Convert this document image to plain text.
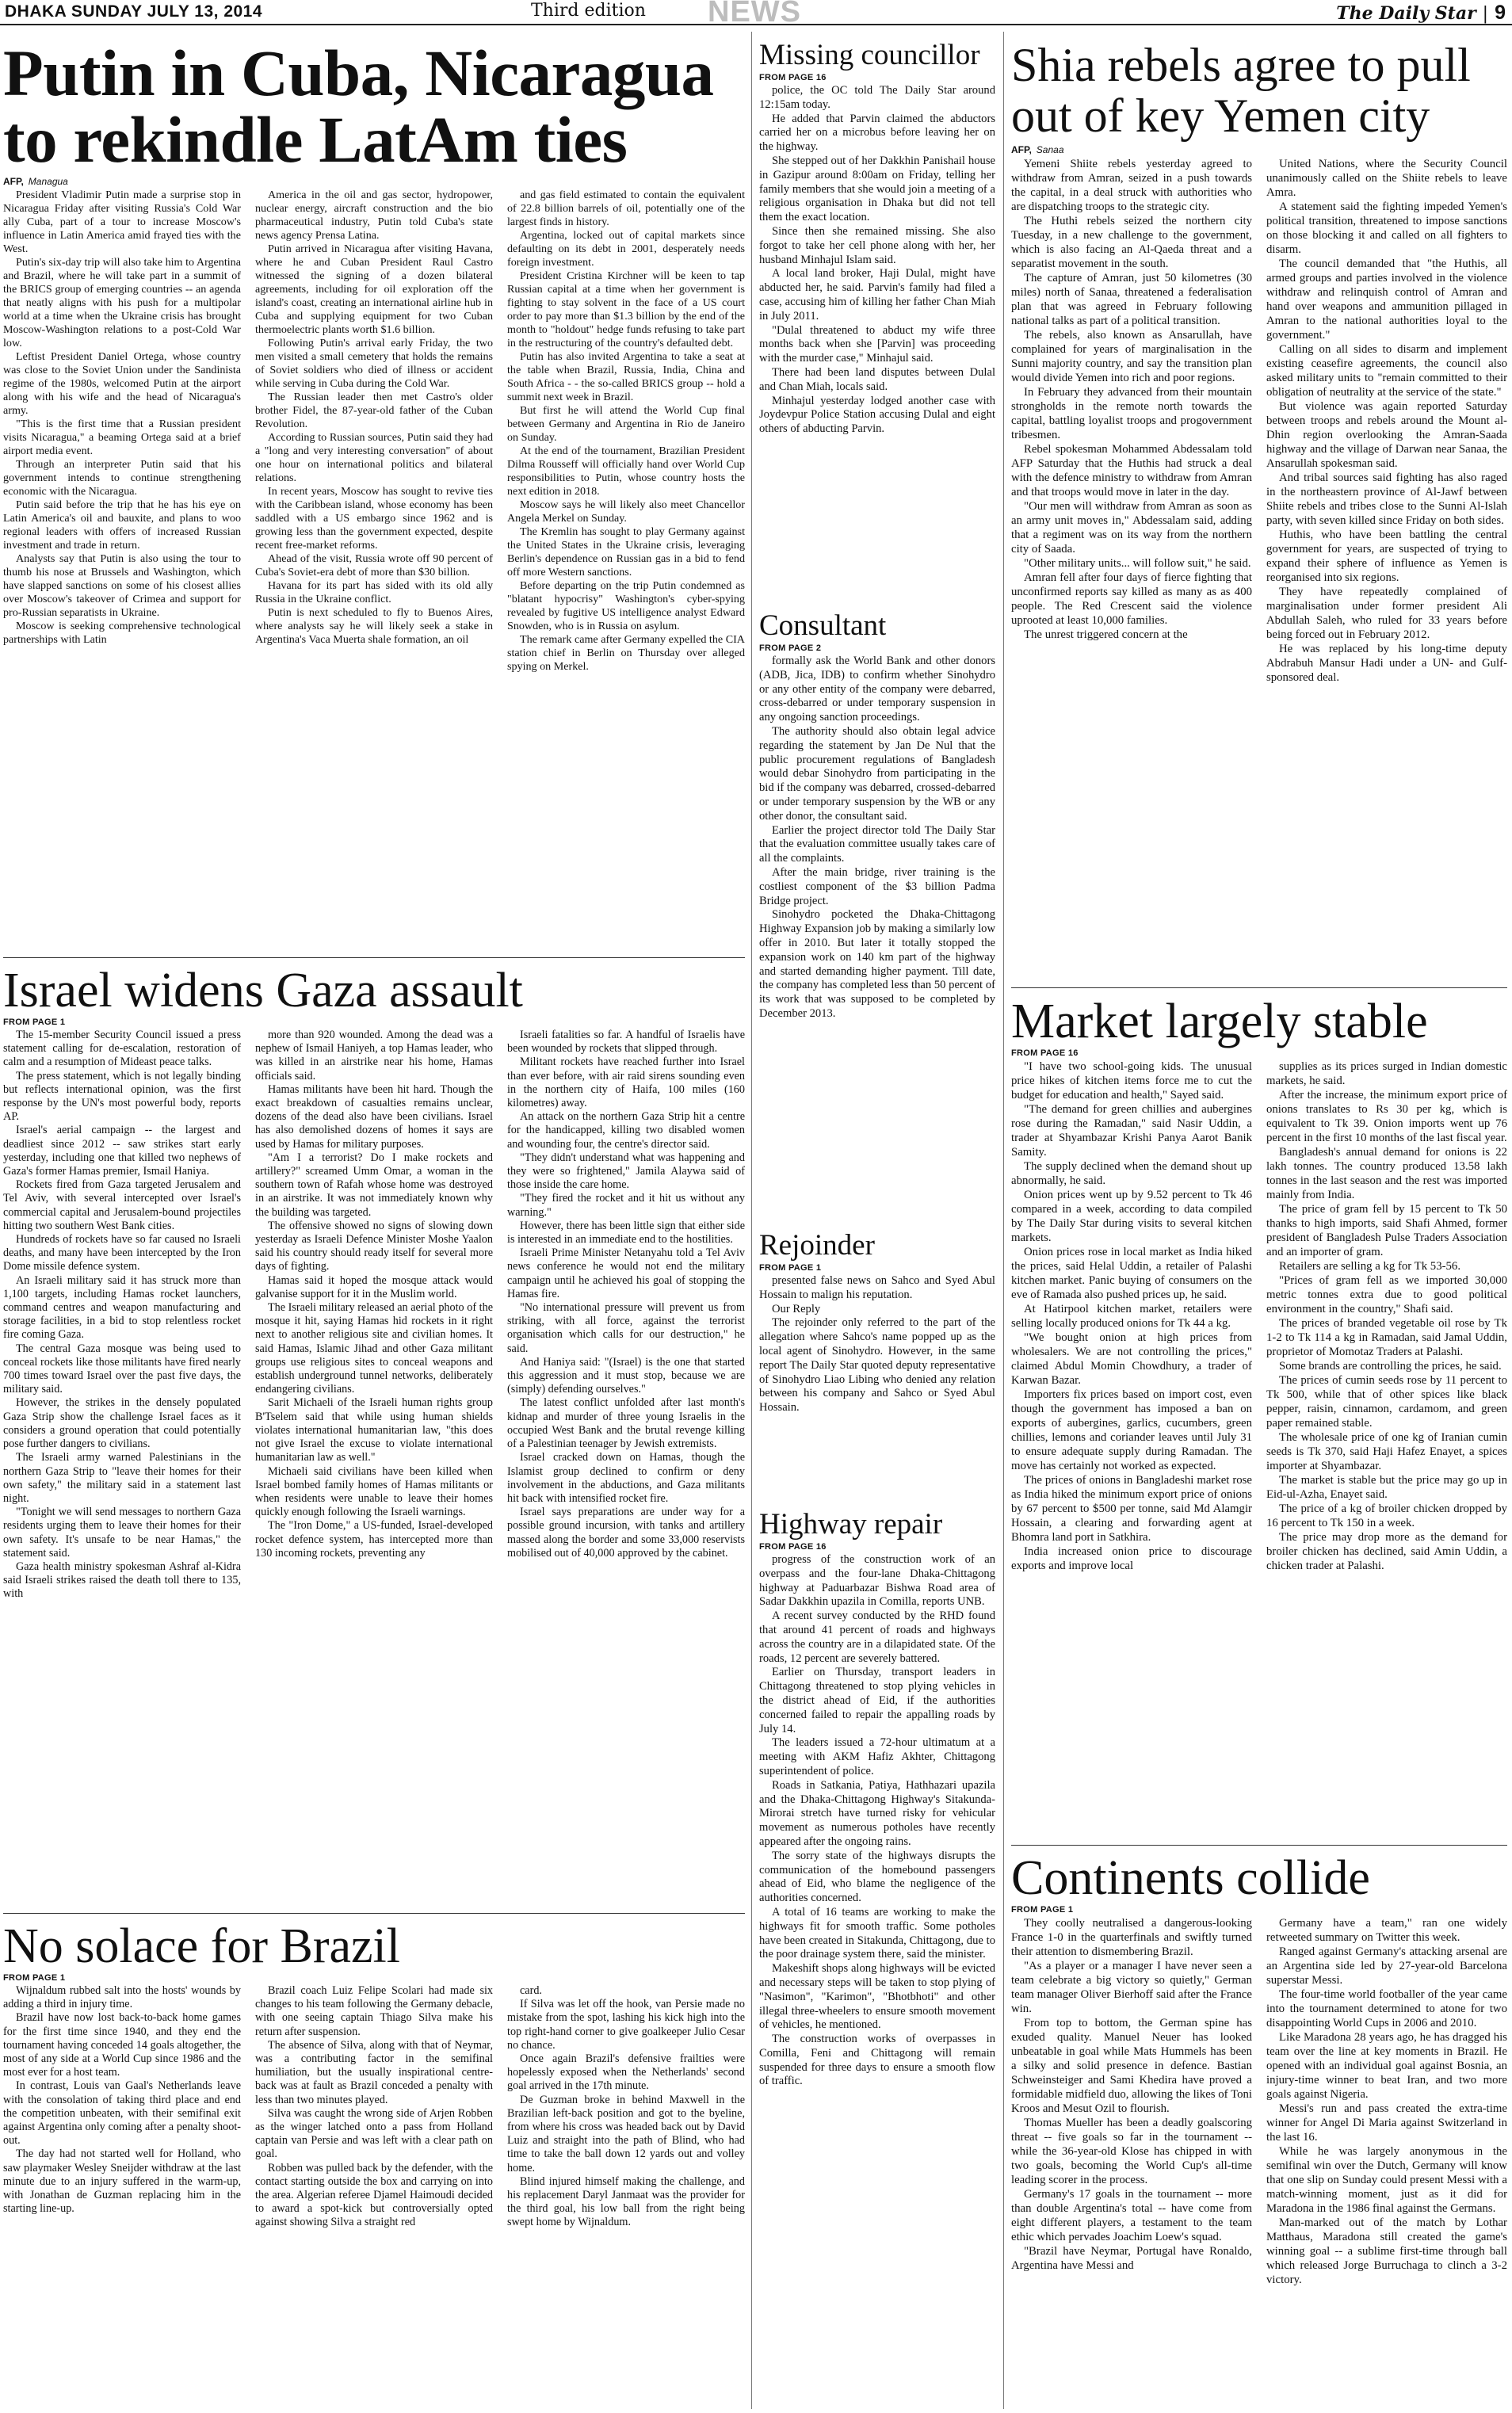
DHAKA SUNDAY JULY 13, 2014	Third edition NEWS	The Daily Star | 9
Putin in Cuba, Nicaragua to rekindle LatAm ties
AFP, Managua

President Vladimir Putin made a surprise stop in Nicaragua Friday after visiting Russia's Cold War ally Cuba, part of a tour to increase Moscow's influence in Latin America amid frayed ties with the West.

Putin's six-day trip will also take him to Argentina and Brazil, where he will take part in a summit of the BRICS group of emerging countries -- an agenda that neatly aligns with his push for a multipolar world at a time when the Ukraine crisis has brought Moscow-Washington relations to a post-Cold War low.

Leftist President Daniel Ortega, whose country was close to the Soviet Union under the Sandinista regime of the 1980s, welcomed Putin at the airport along with his wife and the head of Nicaragua's army.

"This is the first time that a Russian president visits Nicaragua," a beaming Ortega said at a brief airport media event.

Through an interpreter Putin said that his government intends to continue strengthening economic with the Nicaragua.

Putin said before the trip that he has his eye on Latin America's oil and bauxite, and plans to woo regional leaders with offers of increased Russian investment and trade in return.

Analysts say that Putin is also using the tour to thumb his nose at Brussels and Washington, which have slapped sanctions on some of his closest allies over Moscow's takeover of Crimea and support for pro-Russian separatists in Ukraine.

Moscow is seeking comprehensive technological partnerships with Latin

America in the oil and gas sector, hydropower, nuclear energy, aircraft construction and the bio pharmaceutical industry, Putin told Cuba's state news agency Prensa Latina.

Putin arrived in Nicaragua after visiting Havana, where he and Cuban President Raul Castro witnessed the signing of a dozen bilateral agreements, including for oil exploration off the island's coast, creating an international airline hub in Cuba and supplying equipment for two Cuban thermoelectric plants worth $1.6 billion.

Following Putin's arrival early Friday, the two men visited a small cemetery that holds the remains of Soviet soldiers who died of illness or accident while serving in Cuba during the Cold War.

The Russian leader then met Castro's older brother Fidel, the 87-year-old father of the Cuban Revolution.

According to Russian sources, Putin said they had a "long and very interesting conversation" of about one hour on international politics and bilateral relations.

In recent years, Moscow has sought to revive ties with the Caribbean island, whose economy has been saddled with a US embargo since 1962 and is growing less than the government expected, despite recent free-market reforms.

Ahead of the visit, Russia wrote off 90 percent of Cuba's Soviet-era debt of more than $30 billion.

Havana for its part has sided with its old ally Russia in the Ukraine conflict.

Putin is next scheduled to fly to Buenos Aires, where analysts say he will likely seek a stake in Argentina's Vaca Muerta shale formation, an oil

and gas field estimated to contain the equivalent of 22.8 billion barrels of oil, potentially one of the largest finds in history.

Argentina, locked out of capital markets since defaulting on its debt in 2001, desperately needs foreign investment.

President Cristina Kirchner will be keen to tap Russian capital at a time when her government is fighting to stay solvent in the face of a US court order to pay more than $1.3 billion by the end of the month to "holdout" hedge funds refusing to take part in the restructuring of the country's defaulted debt.

Putin has also invited Argentina to take a seat at the table when Brazil, Russia, India, China and South Africa - - the so-called BRICS group -- hold a summit next week in Brazil.

But first he will attend the World Cup final between Germany and Argentina in Rio de Janeiro on Sunday.

At the end of the tournament, Brazilian President Dilma Rousseff will officially hand over World Cup responsibilities to Putin, whose country hosts the next edition in 2018.

Moscow says he will likely also meet Chancellor Angela Merkel on Sunday.

The Kremlin has sought to play Germany against the United States in the Ukraine crisis, leveraging Berlin's dependence on Russian gas in a bid to fend off more Western sanctions.

Before departing on the trip Putin condemned as "blatant hypocrisy" Washington's cyber-spying revealed by fugitive US intelligence analyst Edward Snowden, who is in Russia on asylum.

The remark came after Germany expelled the CIA station chief in Berlin on Thursday over alleged spying on Merkel.

Missing councillor
FROM PAGE 16

police, the OC told The Daily Star around 12:15am today.

He added that Parvin claimed the abductors carried her on a microbus before leaving her on the highway.

She stepped out of her Dakkhin Panishail house in Gazipur around 8:00am on Friday, telling her family members that she would join a meeting of a religious organisation in Dhaka but did not tell them the exact location.

Since then she remained missing. She also forgot to take her cell phone along with her, her husband Minhajul Islam said.

A local land broker, Haji Dulal, might have abducted her, he said. Parvin's family had filed a case, accusing him of killing her father Chan Miah in July 2011.

"Dulal threatened to abduct my wife three months back when she [Parvin] was proceeding with the murder case," Minhajul said.

There had been land disputes between Dulal and Chan Miah, locals said.

Minhajul yesterday lodged another case with Joydevpur Police Station accusing Dulal and eight others of abducting Parvin.

Consultant
FROM PAGE 2

formally ask the World Bank and other donors (ADB, Jica, IDB) to confirm whether Sinohydro or any other entity of the company were debarred, cross-debarred or under temporary suspension in any ongoing sanction proceedings.

The authority should also obtain legal advice regarding the statement by Jan De Nul that the public procurement regulations of Bangladesh would debar Sinohydro from participating in the bid if the company was debarred, crossed-debarred or under temporary suspension by the WB or any other donor, the consultant said.

Earlier the project director told The Daily Star that the evaluation committee usually takes care of all the complaints.

After the main bridge, river training is the costliest component of the $3 billion Padma Bridge project.

Sinohydro pocketed the Dhaka-Chittagong Highway Expansion job by making a similarly low offer in 2010. But later it totally stopped the expansion work on 140 km part of the highway and started demanding higher payment. Till date, the company has completed less than 50 percent of its work that was supposed to be completed by December 2013.

Rejoinder
FROM PAGE 1

presented false news on Sahco and Syed Abul Hossain to malign his reputation.

Our Reply

The rejoinder only referred to the part of the allegation where Sahco's name popped up as the local agent of Sinohydro. However, in the same report The Daily Star quoted deputy representative of Sinohydro Liao Libing who denied any relation between his company and Sahco or Syed Abul Hossain.

Highway repair
FROM PAGE 16

progress of the construction work of an overpass and the four-lane Dhaka-Chittagong highway at Paduarbazar Bishwa Road area of Sadar Dakkhin upazila in Comilla, reports UNB.

A recent survey conducted by the RHD found that around 41 percent of roads and highways across the country are in a dilapidated state. Of the roads, 12 percent are severely battered.

Earlier on Thursday, transport leaders in Chittagong threatened to stop plying vehicles in the district ahead of Eid, if the authorities concerned failed to repair the appalling roads by July 14.

The leaders issued a 72-hour ultimatum at a meeting with AKM Hafiz Akhter, Chittagong superintendent of police.

Roads in Satkania, Patiya, Hathhazari upazila and the Dhaka-Chittagong Highway's Sitakunda-Mirorai stretch have turned risky for vehicular movement as numerous potholes have recently appeared after the ongoing rains.

The sorry state of the highways disrupts the communication of the homebound passengers ahead of Eid, who blame the negligence of the authorities concerned.

A total of 16 teams are working to make the highways fit for smooth traffic. Some potholes have been created in Sitakunda, Chittagong, due to the poor drainage system there, said the minister.

Makeshift shops along highways will be evicted and necessary steps will be taken to stop plying of "Nasimon", "Karimon", "Bhotbhoti" and other illegal three-wheelers to ensure smooth movement of vehicles, he mentioned.

The construction works of overpasses in Comilla, Feni and Chittagong will remain suspended for three days to ensure a smooth flow of traffic.

Shia rebels agree to pull out of key Yemen city
AFP, Sanaa

Yemeni Shiite rebels yesterday agreed to withdraw from Amran, seized in a push towards the capital, in a deal struck with authorities who are dispatching troops to the strategic city.

The Huthi rebels seized the northern city Tuesday, in a new challenge to the government, which is also facing an Al-Qaeda threat and a separatist movement in the south.

The capture of Amran, just 50 kilometres (30 miles) north of Sanaa, threatened a federalisation plan that was agreed in February following national talks as part of a political transition.

The rebels, also known as Ansarullah, have complained for years of marginalisation in the Sunni majority country, and say the transition plan would divide Yemen into rich and poor regions.

In February they advanced from their mountain strongholds in the remote north towards the capital, battling loyalist troops and progovernment tribesmen.

Rebel spokesman Mohammed Abdessalam told AFP Saturday that the Huthis had struck a deal with the defence ministry to withdraw from Amran and that troops would move in later in the day.

"Our men will withdraw from Amran as soon as an army unit moves in," Abdessalam said, adding that a regiment was on its way from the northern city of Saada.

"Other military units... will follow suit," he said.

Amran fell after four days of fierce fighting that unconfirmed reports say killed as many as as 400 people. The Red Crescent said the violence uprooted at least 10,000 families.

The unrest triggered concern at the

United Nations, where the Security Council unanimously called on the Shiite rebels to leave Amra.

A statement said the fighting impeded Yemen's political transition, threatened to impose sanctions on those blocking it and called on all fighters to disarm.

The council demanded that "the Huthis, all armed groups and parties involved in the violence withdraw and relinquish control of Amran and hand over weapons and ammunition pillaged in Amran to the national authorities loyal to the government."

Calling on all sides to disarm and implement existing ceasefire agreements, the council also asked military units to "remain committed to their obligation of neutrality at the service of the state."

But violence was again reported Saturday between troops and rebels around the Mount al-Dhin region overlooking the Amran-Saada highway and the village of Darwan near Sanaa, the Ansarullah spokesman said.

And tribal sources said fighting has also raged in the northeastern province of Al-Jawf between Shiite rebels and tribes close to the Sunni Al-Islah party, with seven killed since Friday on both sides.

Huthis, who have been battling the central government for years, are suspected of trying to expand their sphere of influence as Yemen is reorganised into six regions.

They have repeatedly complained of marginalisation under former president Ali Abdullah Saleh, who ruled for 33 years before being forced out in February 2012.

He was replaced by his long-time deputy Abdrabuh Mansur Hadi under a UN- and Gulf-sponsored deal.

Israel widens Gaza assault
FROM PAGE 1

The 15-member Security Council issued a press statement calling for de-escalation, restoration of calm and a resumption of Mideast peace talks.

The press statement, which is not legally binding but reflects international opinion, was the first response by the UN's most powerful body, reports AP.

Israel's aerial campaign -- the largest and deadliest since 2012 -- saw strikes start early yesterday, including one that killed two nephews of Gaza's former Hamas premier, Ismail Haniya.

Rockets fired from Gaza targeted Jerusalem and Tel Aviv, with several intercepted over Israel's commercial capital and Jerusalem-bound projectiles hitting two southern West Bank cities.

Hundreds of rockets have so far caused no Israeli deaths, and many have been intercepted by the Iron Dome missile defence system.

An Israeli military said it has struck more than 1,100 targets, including Hamas rocket launchers, command centres and weapon manufacturing and storage facilities, in a bid to stop relentless rocket fire coming Gaza.

The central Gaza mosque was being used to conceal rockets like those militants have fired nearly 700 times toward Israel over the past five days, the military said.

However, the strikes in the densely populated Gaza Strip show the challenge Israel faces as it considers a ground operation that could potentially pose further dangers to civilians.

The Israeli army warned Palestinians in the northern Gaza Strip to "leave their homes for their own safety," the military said in a statement last night.

"Tonight we will send messages to northern Gaza residents urging them to leave their homes for their own safety. It's unsafe to be near Hamas," the statement said.

Gaza health ministry spokesman Ashraf al-Kidra said Israeli strikes raised the death toll there to 135, with

more than 920 wounded. Among the dead was a nephew of Ismail Haniyeh, a top Hamas leader, who was killed in an airstrike near his home, Hamas officials said.

Hamas militants have been hit hard. Though the exact breakdown of casualties remains unclear, dozens of the dead also have been civilians. Israel has also demolished dozens of homes it says are used by Hamas for military purposes.

"Am I a terrorist? Do I make rockets and artillery?" screamed Umm Omar, a woman in the southern town of Rafah whose home was destroyed in an airstrike. It was not immediately known why the building was targeted.

The offensive showed no signs of slowing down yesterday as Israeli Defence Minister Moshe Yaalon said his country should ready itself for several more days of fighting.

Hamas said it hoped the mosque attack would galvanise support for it in the Muslim world.

The Israeli military released an aerial photo of the mosque it hit, saying Hamas hid rockets in it right next to another religious site and civilian homes. It said Hamas, Islamic Jihad and other Gaza militant groups use religious sites to conceal weapons and establish underground tunnel networks, deliberately endangering civilians.

Sarit Michaeli of the Israeli human rights group B'Tselem said that while using human shields violates international humanitarian law, "this does not give Israel the excuse to violate international humanitarian law as well."

Michaeli said civilians have been killed when Israel bombed family homes of Hamas militants or when residents were unable to leave their homes quickly enough following the Israeli warnings.

The "Iron Dome," a US-funded, Israel-developed rocket defence system, has intercepted more than 130 incoming rockets, preventing any

Israeli fatalities so far. A handful of Israelis have been wounded by rockets that slipped through.

Militant rockets have reached further into Israel than ever before, with air raid sirens sounding even in the northern city of Haifa, 100 miles (160 kilometres) away.

An attack on the northern Gaza Strip hit a centre for the handicapped, killing two disabled women and wounding four, the centre's director said.

"They didn't understand what was happening and they were so frightened," Jamila Alaywa said of those inside the care home.

"They fired the rocket and it hit us without any warning."

However, there has been little sign that either side is interested in an immediate end to the hostilities.

Israeli Prime Minister Netanyahu told a Tel Aviv news conference he would not end the military campaign until he achieved his goal of stopping the Hamas fire.

"No international pressure will prevent us from striking, with all force, against the terrorist organisation which calls for our destruction," he said.

And Haniya said: "(Israel) is the one that started this aggression and it must stop, because we are (simply) defending ourselves."

The latest conflict unfolded after last month's kidnap and murder of three young Israelis in the occupied West Bank and the brutal revenge killing of a Palestinian teenager by Jewish extremists.

Israel cracked down on Hamas, though the Islamist group declined to confirm or deny involvement in the abductions, and Gaza militants hit back with intensified rocket fire.

Israel says preparations are under way for a possible ground incursion, with tanks and artillery massed along the border and some 33,000 reservists mobilised out of 40,000 approved by the cabinet.

Market largely stable
FROM PAGE 16

"I have two school-going kids. The unusual price hikes of kitchen items force me to cut the budget for education and health," Sayed said.

"The demand for green chillies and aubergines rose during the Ramadan," said Nasir Uddin, a trader at Shyambazar Krishi Panya Aarot Banik Samity.

The supply declined when the demand shout up abnormally, he said.

Onion prices went up by 9.52 percent to Tk 46 compared in a week, according to data compiled by The Daily Star during visits to several kitchen markets.

Onion prices rose in local market as India hiked the prices, said Helal Uddin, a retailer of Palashi kitchen market. Panic buying of consumers on the eve of Ramada also pushed prices up, he said.

At Hatirpool kitchen market, retailers were selling locally produced onions for Tk 44 a kg.

"We bought onion at high prices from wholesalers. We are not controlling the prices," claimed Abdul Momin Chowdhury, a trader of Karwan Bazar.

Importers fix prices based on import cost, even though the government has imposed a ban on exports of aubergines, garlics, cucumbers, green chillies, lemons and coriander leaves until July 31 to ensure adequate supply during Ramadan. The move has certainly not worked as expected.

The prices of onions in Bangladeshi market rose as India hiked the minimum export price of onions by 67 percent to $500 per tonne, said Md Alamgir Hossain, a clearing and forwarding agent at Bhomra land port in Satkhira.

India increased onion price to discourage exports and improve local

supplies as its prices surged in Indian domestic markets, he said.

After the increase, the minimum export price of onions translates to Rs 30 per kg, which is equivalent to Tk 39. Onion imports went up 76 percent in the first 10 months of the last fiscal year.

Bangladesh's annual demand for onions is 22 lakh tonnes. The country produced 13.58 lakh tonnes in the last season and the rest was imported mainly from India.

The price of gram fell by 15 percent to Tk 50 thanks to high imports, said Shafi Ahmed, former president of Bangladesh Pulse Traders Association and an importer of gram.

Retailers are selling a kg for Tk 53-56.

"Prices of gram fell as we imported 30,000 metric tonnes extra due to good political environment in the country," Shafi said.

The prices of branded vegetable oil rose by Tk 1-2 to Tk 114 a kg in Ramadan, said Jamal Uddin, proprietor of Momotaz Traders at Palashi.

Some brands are controlling the prices, he said.

The prices of cumin seeds rose by 11 percent to Tk 500, while that of other spices like black pepper, raisin, cinnamon, cardamom, and green paper remained stable.

The wholesale price of one kg of Iranian cumin seeds is Tk 370, said Haji Hafez Enayet, a spices importer at Shyambazar.

The market is stable but the price may go up in Eid-ul-Azha, Enayet said.

The price of a kg of broiler chicken dropped by 16 percent to Tk 150 in a week.

The price may drop more as the demand for broiler chicken has declined, said Amin Uddin, a chicken trader at Palashi.

No solace for Brazil
FROM PAGE 1

Wijnaldum rubbed salt into the hosts' wounds by adding a third in injury time.

Brazil have now lost back-to-back home games for the first time since 1940, and they end the tournament having conceded 14 goals altogether, the most of any side at a World Cup since 1986 and the most ever for a host team.

In contrast, Louis van Gaal's Netherlands leave with the consolation of taking third place and end the competition unbeaten, with their semifinal exit against Argentina only coming after a penalty shoot-out.

The day had not started well for Holland, who saw playmaker Wesley Sneijder withdraw at the last minute due to an injury suffered in the warm-up, with Jonathan de Guzman replacing him in the starting line-up.

Brazil coach Luiz Felipe Scolari had made six changes to his team following the Germany debacle, with one seeing captain Thiago Silva make his return after suspension.

The absence of Silva, along with that of Neymar, was a contributing factor in the semifinal humiliation, but the usually inspirational centre-back was at fault as Brazil conceded a penalty with less than two minutes played.

Silva was caught the wrong side of Arjen Robben as the winger latched onto a pass from Holland captain van Persie and was left with a clear path on goal.

Robben was pulled back by the defender, with the contact starting outside the box and carrying on into the area. Algerian referee Djamel Haimoudi decided to award a spot-kick but controversially opted against showing Silva a straight red

card.

If Silva was let off the hook, van Persie made no mistake from the spot, lashing his kick high into the top right-hand corner to give goalkeeper Julio Cesar no chance.

Once again Brazil's defensive frailties were hopelessly exposed when the Netherlands' second goal arrived in the 17th minute.

De Guzman broke in behind Maxwell in the Brazilian left-back position and got to the byeline, from where his cross was headed back out by David Luiz and straight into the path of Blind, who had time to take the ball down 12 yards out and volley home.

Blind injured himself making the challenge, and his replacement Daryl Janmaat was the provider for the third goal, his low ball from the right being swept home by Wijnaldum.

Continents collide
FROM PAGE 1

They coolly neutralised a dangerous-looking France 1-0 in the quarterfinals and swiftly turned their attention to dismembering Brazil.

"As a player or a manager I have never seen a team celebrate a big victory so quietly," German team manager Oliver Bierhoff said after the France win.

From top to bottom, the German spine has exuded quality. Manuel Neuer has looked unbeatable in goal while Mats Hummels has been a silky and solid presence in defence. Bastian Schweinsteiger and Sami Khedira have proved a formidable midfield duo, allowing the likes of Toni Kroos and Mesut Ozil to flourish.

Thomas Mueller has been a deadly goalscoring threat -- five goals so far in the tournament -- while the 36-year-old Klose has chipped in with two goals, becoming the World Cup's all-time leading scorer in the process.

Germany's 17 goals in the tournament -- more than double Argentina's total -- have come from eight different players, a testament to the team ethic which pervades Joachim Loew's squad.

"Brazil have Neymar, Portugal have Ronaldo, Argentina have Messi and

Germany have a team," ran one widely retweeted summary on Twitter this week.

Ranged against Germany's attacking arsenal are an Argentina side led by 27-year-old Barcelona superstar Messi.

The four-time world footballer of the year came into the tournament determined to atone for two disappointing World Cups in 2006 and 2010.

Like Maradona 28 years ago, he has dragged his team over the line at key moments in Brazil. He opened with an individual goal against Bosnia, an injury-time winner to beat Iran, and two more goals against Nigeria.

Messi's run and pass created the extra-time winner for Angel Di Maria against Switzerland in the last 16.

While he was largely anonymous in the semifinal win over the Dutch, Germany will know that one slip on Sunday could present Messi with a match-winning moment, just as it did for Maradona in the 1986 final against the Germans.

Man-marked out of the match by Lothar Matthaus, Maradona still created the game's winning goal -- a sublime first-time through ball which released Jorge Burruchaga to clinch a 3-2 victory.
